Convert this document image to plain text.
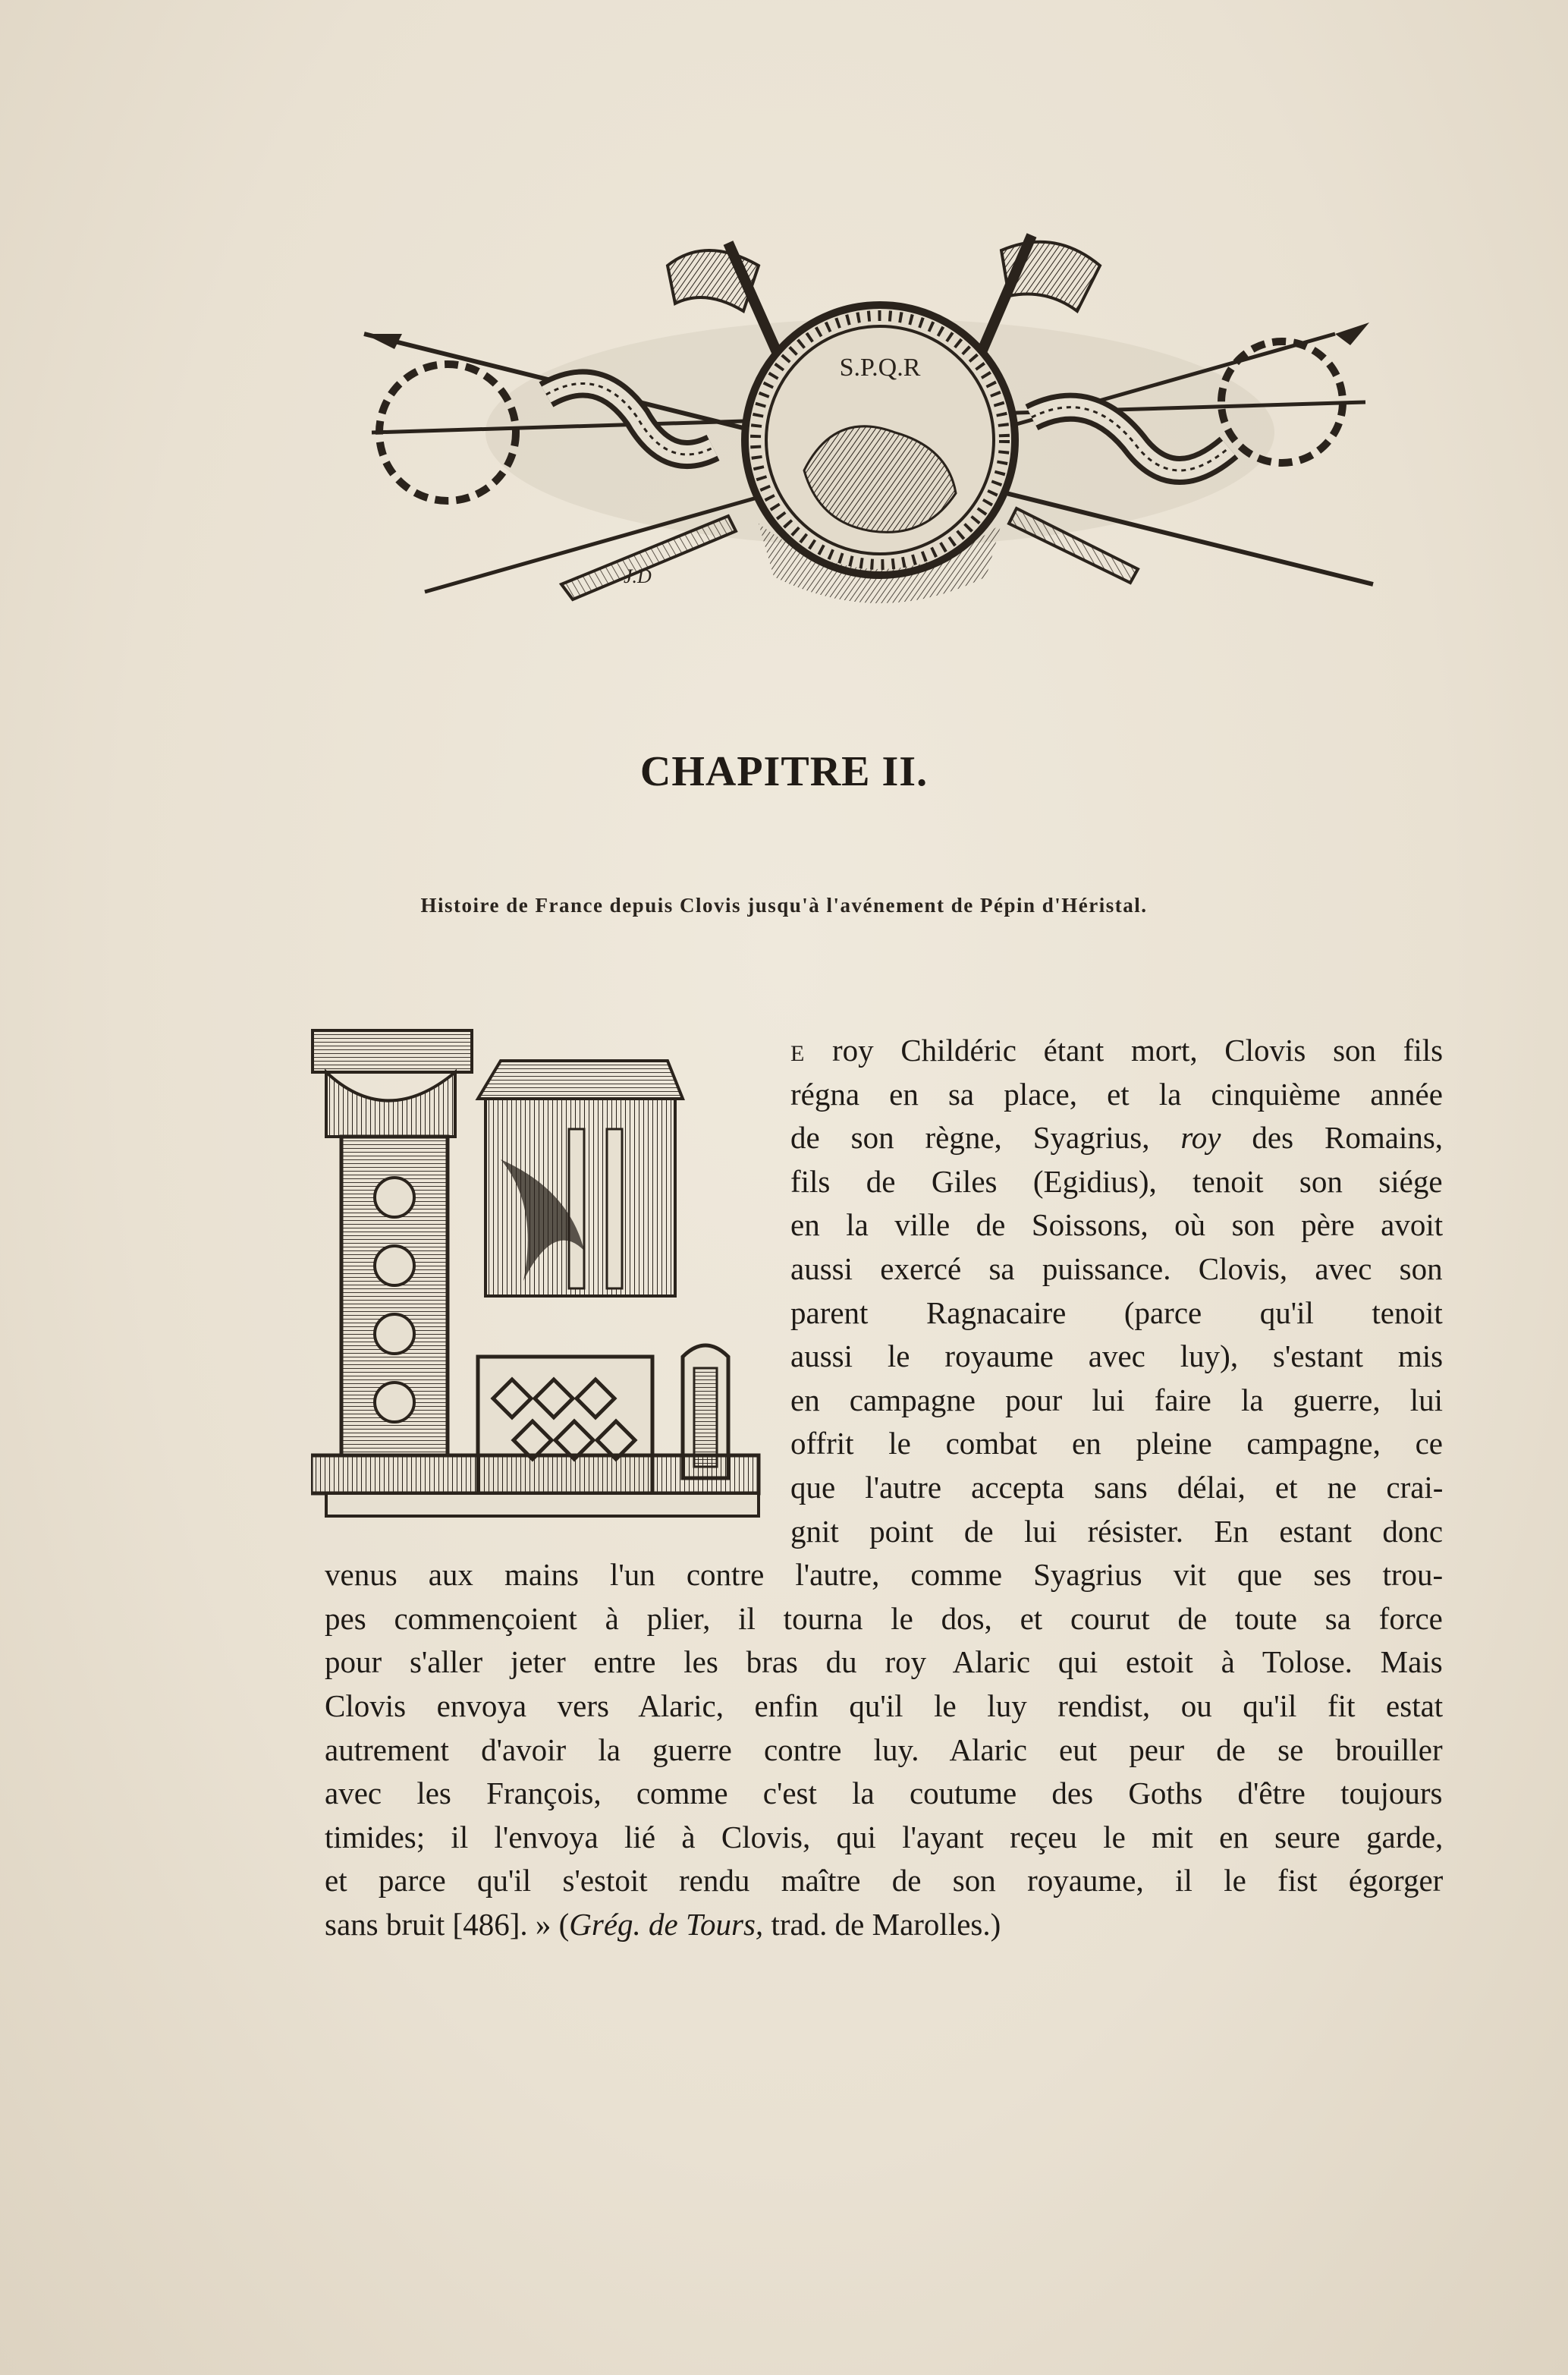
S.P.Q.R
J.D
CHAPITRE II.
Histoire de France depuis Clovis jusqu'à l'avénement de Pépin d'Héristal.
E roy Childéric étant mort, Clovis son fils
régna en sa place, et la cinquième année
de son règne, Syagrius, roy des Romains,
fils de Giles (Egidius), tenoit son siége
en la ville de Soissons, où son père avoit
aussi exercé sa puissance. Clovis, avec son
parent Ragnacaire (parce qu'il tenoit
aussi le royaume avec luy), s'estant mis
en campagne pour lui faire la guerre, lui
offrit le combat en pleine campagne, ce
que l'autre accepta sans délai, et ne crai-
gnit point de lui résister. En estant donc
venus aux mains l'un contre l'autre, comme Syagrius vit que ses trou-
pes commençoient à plier, il tourna le dos, et courut de toute sa force
pour s'aller jeter entre les bras du roy Alaric qui estoit à Tolose. Mais
Clovis envoya vers Alaric, enfin qu'il le luy rendist, ou qu'il fit estat
autrement d'avoir la guerre contre luy. Alaric eut peur de se brouiller
avec les François, comme c'est la coutume des Goths d'être toujours
timides; il l'envoya lié à Clovis, qui l'ayant reçeu le mit en seure garde,
et parce qu'il s'estoit rendu maître de son royaume, il le fist égorger
sans bruit [486]. » (Grég. de Tours, trad. de Marolles.)
